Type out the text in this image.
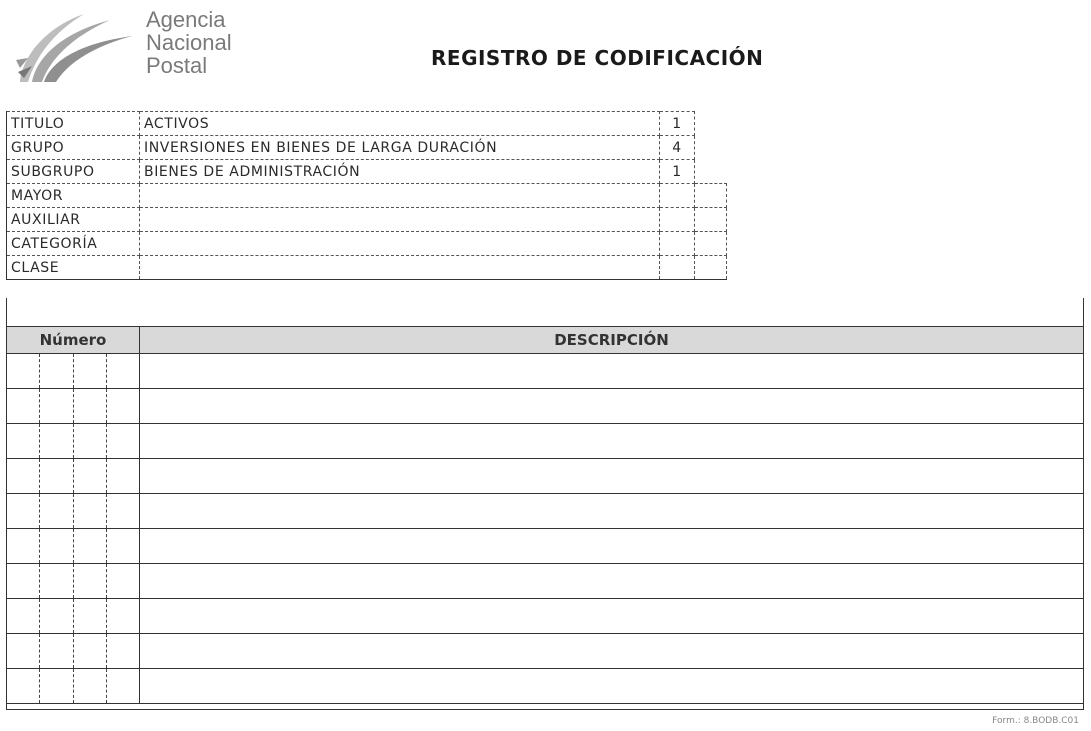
Agencia
Nacional
Postal	REGISTRO DE CODIFICACIÓN
TITULO	ACTIVOS	1	
GRUPO	INVERSIONES EN BIENES DE LARGA DURACIÓN	4	
SUBGRUPO	BIENES DE ADMINISTRACIÓN	1	
MAYOR			
AUXILIAR			
CATEGORÍA			
CLASE			
Número				DESCRIPCIÓN

Form.: 8.BODB.C01
